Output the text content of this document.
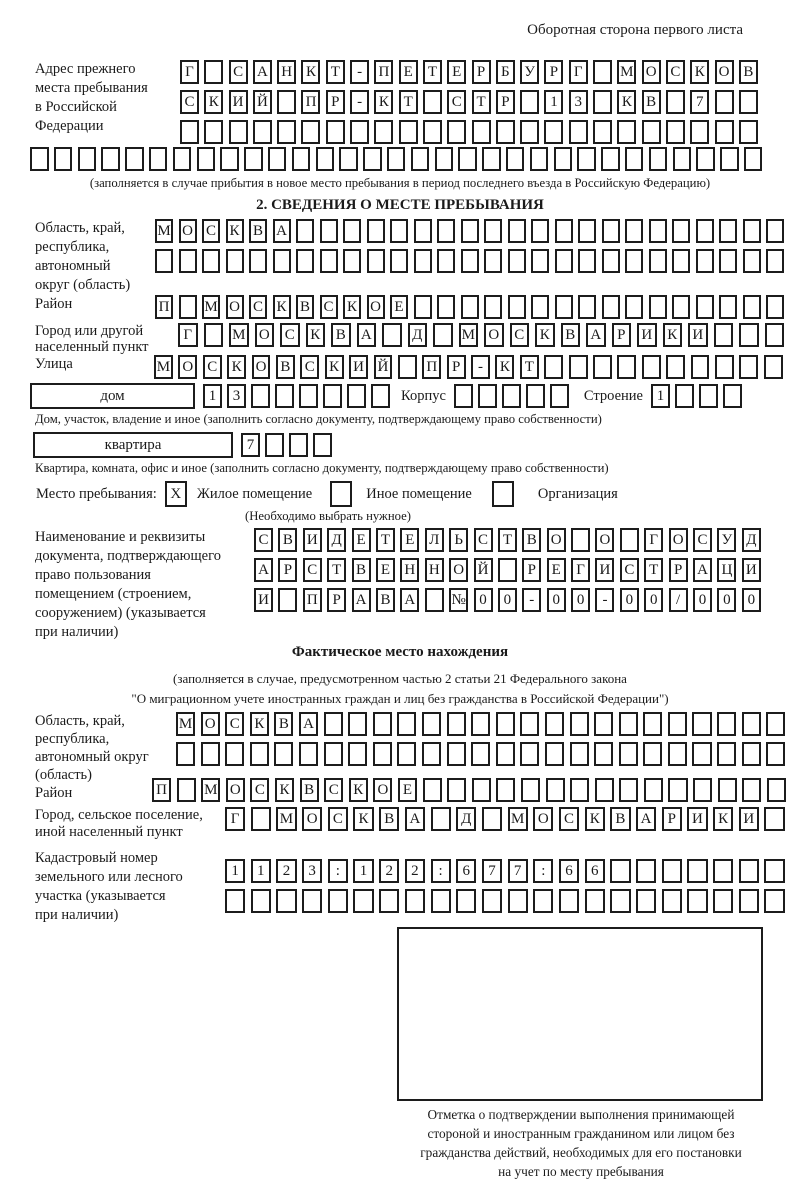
Оборотная сторона первого листа
Адрес прежнего
места пребывания
в Российской
Федерации
Г	С А Н К Т - П Е Т Е Р Б У Р Г	М О С К О В
С К И Й	П Р - К Т	С Т Р	1 3	К В	7
(заполняется в случае прибытия в новое место пребывания в период последнего въезда в Российскую Федерацию)
2. СВЕДЕНИЯ О МЕСТЕ ПРЕБЫВАНИЯ
Область, край,
республика,
автономный
округ (область)
М О С К В А
Район	П М О С К В С К О Е
Город или другой
населенный пункт
Г	М О С К В А	Д	М О С К В А Р И К И
Улица	М О С К О В С К И Й	П Р - К Т
дом	1 3	Корпус	Строение 1
Дом, участок, владение и иное (заполнить согласно документу, подтверждающему право собственности)
квартира	7
Квартира, комната, офис и иное (заполнить согласно документу, подтверждающему право собственности)
Место пребывания: X	Жилое помещение	Иное помещение	Организация
(Необходимо выбрать нужное)
Наименование и реквизиты
документа, подтверждающего
право пользования
помещением (строением,
сооружением) (указывается
при наличии)
С В И Д Е Т Е Л Ь С Т В О	О	Г О С У Д
А Р С Т В Е Н Н О Й	Р Е Г И С Т Р А Ц И
И	П Р А В А № 0 0 - 0 0 - 0 0 / 0 0 0
Фактическое место нахождения
(заполняется в случае, предусмотренном частью 2 статьи 21 Федерального закона
"О миграционном учете иностранных граждан и лиц без гражданства в Российской Федерации")
Область, край,
республика,
автономный округ
(область)
М О С К В А
Район	П М О С К В С К О Е
Город, сельское поселение,
иной населенный пункт
Г	М О С К В А	Д	М О С К В А Р И К И
Кадастровый номер
земельного или лесного
участка (указывается
при наличии)
1 1 2 3 : 1 2 2 : 6 7 7 : 6 6
Отметка о подтверждении выполнения принимающей
стороной и иностранным гражданином или лицом без
гражданства действий, необходимых для его постановки
на учет по месту пребывания
